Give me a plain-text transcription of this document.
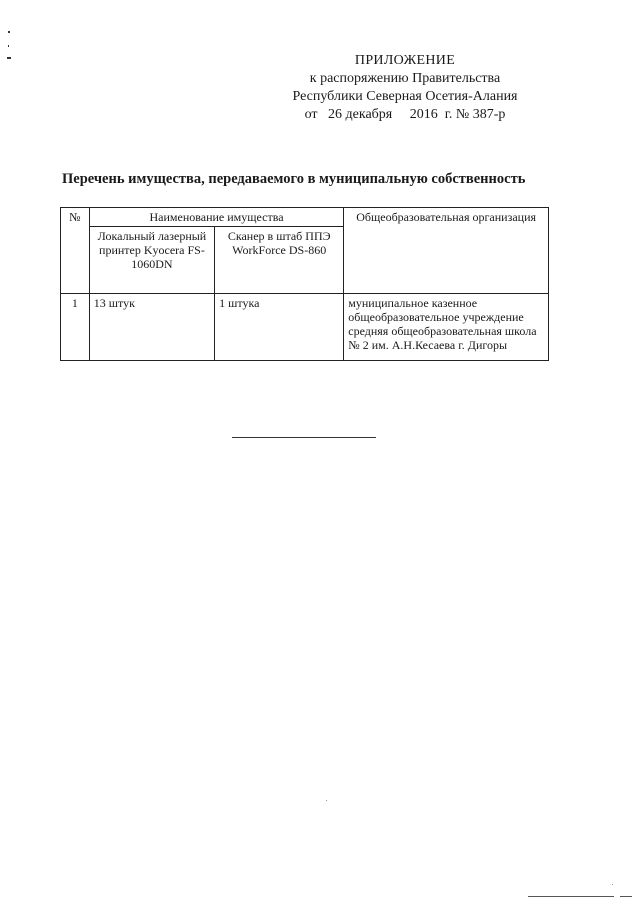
ПРИЛОЖЕНИЕ
к распоряжению Правительства
Республики Северная Осетия-Алания
от   26 декабря     2016  г. № 387-р
Перечень имущества, передаваемого в муниципальную собственность
№	Наименование имущества		Общеобразовательная организация
	Локальный лазерный принтер Kyocera FS-1060DN	Сканер в штаб ППЭ WorkForce DS-860	
1	13 штук	1 штука	муниципальное казенное общеобразовательное учреждение средняя общеобразовательная школа № 2 им. А.Н.Кесаева г. Дигоры
